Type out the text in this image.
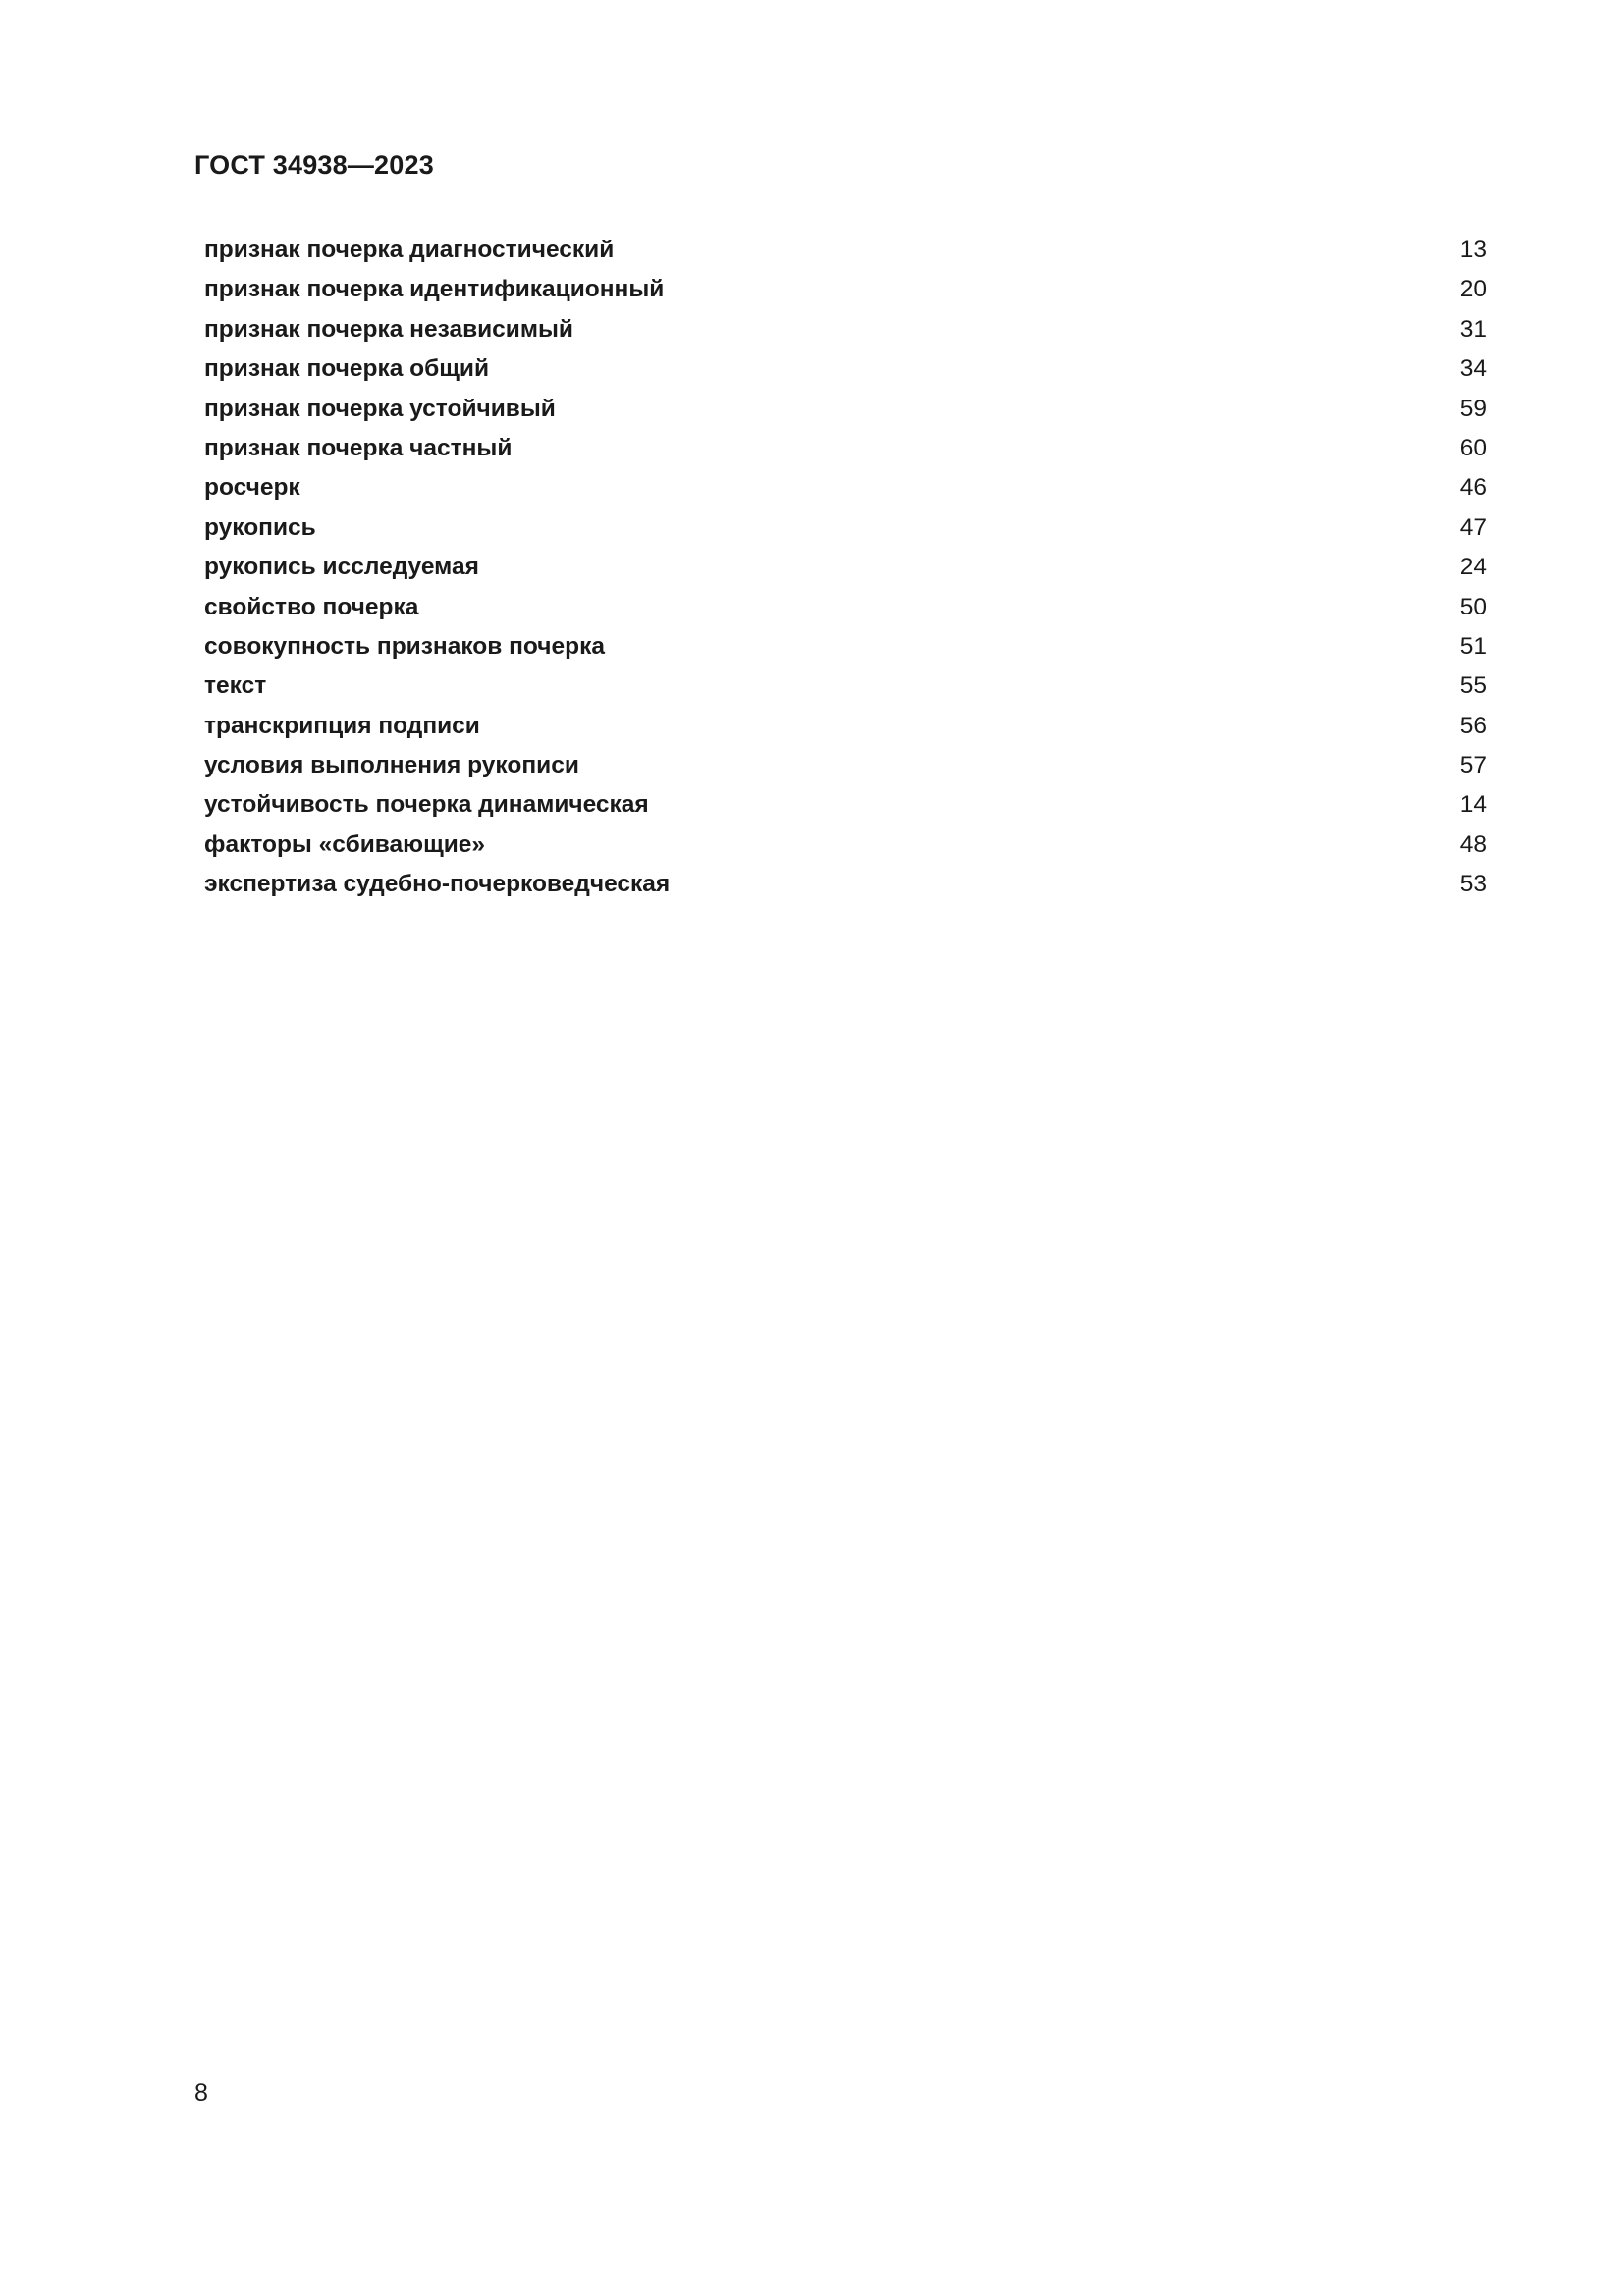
ГОСТ 34938—2023
признак почерка диагностический	13
признак почерка идентификационный	20
признак почерка независимый	31
признак почерка общий	34
признак почерка устойчивый	59
признак почерка частный	60
росчерк	46
рукопись	47
рукопись исследуемая	24
свойство почерка	50
совокупность признаков почерка	51
текст	55
транскрипция подписи	56
условия выполнения рукописи	57
устойчивость почерка динамическая	14
факторы «сбивающие»	48
экспертиза судебно-почерковедческая	53
8
